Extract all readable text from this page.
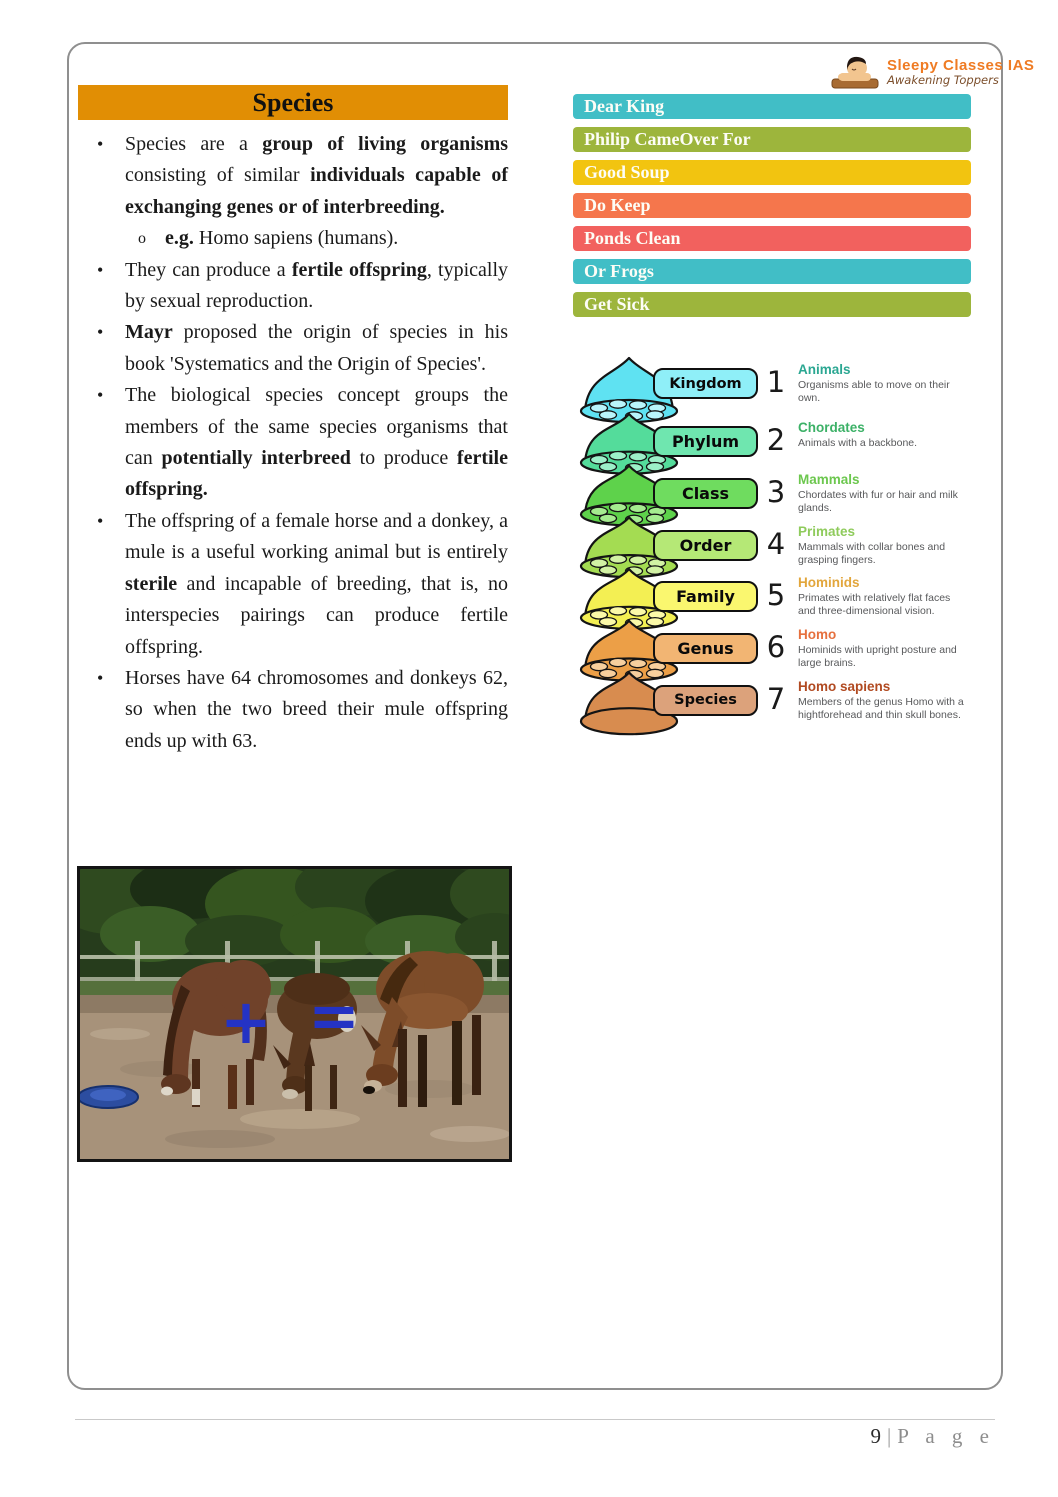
Sleepy Classes IAS
Awakening Toppers
Species
•	Species are a group of living organisms consisting of similar individuals capable of exchanging genes or of interbreeding.
o e.g. Homo sapiens (humans).
•	They can produce a fertile offspring, typically by sexual reproduction.
•	Mayr proposed the origin of species in his book 'Systematics and the Origin of Species'.
•	The biological species concept groups the members of the same species organisms that can potentially interbreed to produce fertile offspring.
•	The offspring of a female horse and a donkey, a mule is a useful working animal but is entirely sterile and incapable of breeding, that is, no interspecies pairings can produce fertile offspring.
•	Horses have 64 chromosomes and donkeys 62, so when the two breed their mule offspring ends up with 63.
+ =
Dear King
Philip CameOver For
Good Soup
Do Keep
Ponds Clean
Or Frogs
Get Sick
Kingdom 1 Animals

Organisms able to move on their own.

Phylum 2 Chordates

Animals with a backbone.

Class	3 Mammals

Chordates with fur or hair and milk glands.

Order	4 Primates

Mammals with collar bones and grasping fingers.

Family	5 Hominids

Primates with relatively flat faces and three-dimensional vision.

Genus	6 Homo

Hominids with upright posture and large brains.

Species	7 Homo sapiens

Members of the genus Homo with a hightforehead and thin skull bones.

9 | P a g e
